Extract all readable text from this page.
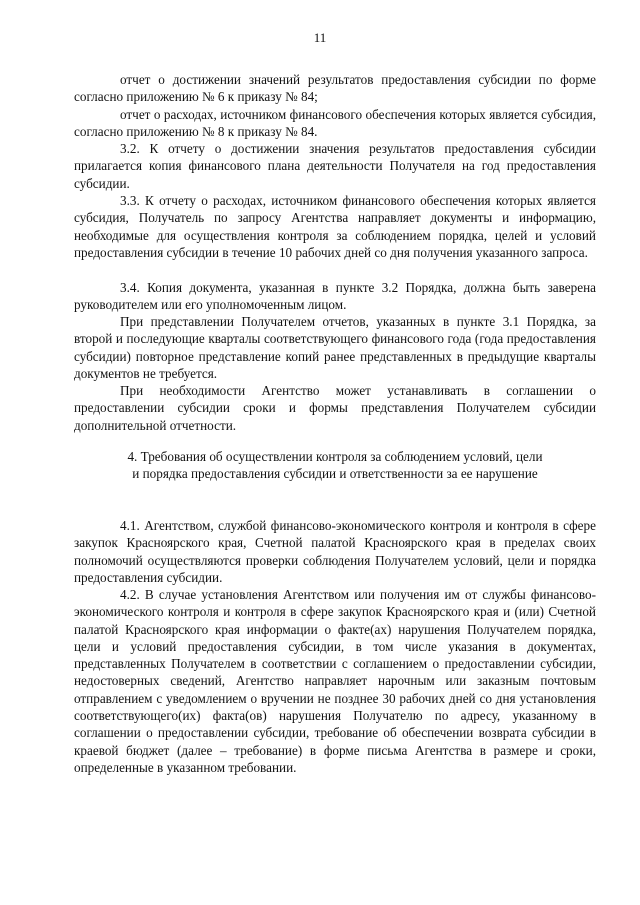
11

отчет о достижении значений результатов предоставления субсидии по форме согласно приложению № 6 к приказу № 84;

отчет о расходах, источником финансового обеспечения которых является субсидия, согласно приложению № 8 к приказу № 84.

3.2. К отчету о достижении значения результатов предоставления субсидии прилагается копия финансового плана деятельности Получателя на год предоставления субсидии.

3.3. К отчету о расходах, источником финансового обеспечения которых является субсидия, Получатель по запросу Агентства направляет документы и информацию, необходимые для осуществления контроля за соблюдением порядка, целей и условий предоставления субсидии в течение 10 рабочих дней со дня получения указанного запроса.

3.4. Копия документа, указанная в пункте 3.2 Порядка, должна быть заверена руководителем или его уполномоченным лицом.

При представлении Получателем отчетов, указанных в пункте 3.1 Порядка, за второй и последующие кварталы соответствующего финансового года (года предоставления субсидии) повторное представление копий ранее представленных в предыдущие кварталы документов не требуется.

При необходимости Агентство может устанавливать в соглашении о предоставлении субсидии сроки и формы представления Получателем субсидии дополнительной отчетности.

4. Требования об осуществлении контроля за соблюдением условий, цели
и порядка предоставления субсидии и ответственности за ее нарушение

4.1. Агентством, службой финансово-экономического контроля и контроля в сфере закупок Красноярского края, Счетной палатой Красноярского края в пределах своих полномочий осуществляются проверки соблюдения Получателем условий, цели и порядка предоставления субсидии.

4.2. В случае установления Агентством или получения им от службы финансово-экономического контроля и контроля в сфере закупок Красноярского края и (или) Счетной палатой Красноярского края информации о факте(ах) нарушения Получателем порядка, цели и условий предоставления субсидии, в том числе указания в документах, представленных Получателем в соответствии с соглашением о предоставлении субсидии, недостоверных сведений, Агентство направляет нарочным или заказным почтовым отправлением с уведомлением о вручении не позднее 30 рабочих дней со дня установления соответствующего(их) факта(ов) нарушения Получателю по адресу, указанному в соглашении о предоставлении субсидии, требование об обеспечении возврата субсидии в краевой бюджет (далее – требование) в форме письма Агентства в размере и сроки, определенные в указанном требовании.
